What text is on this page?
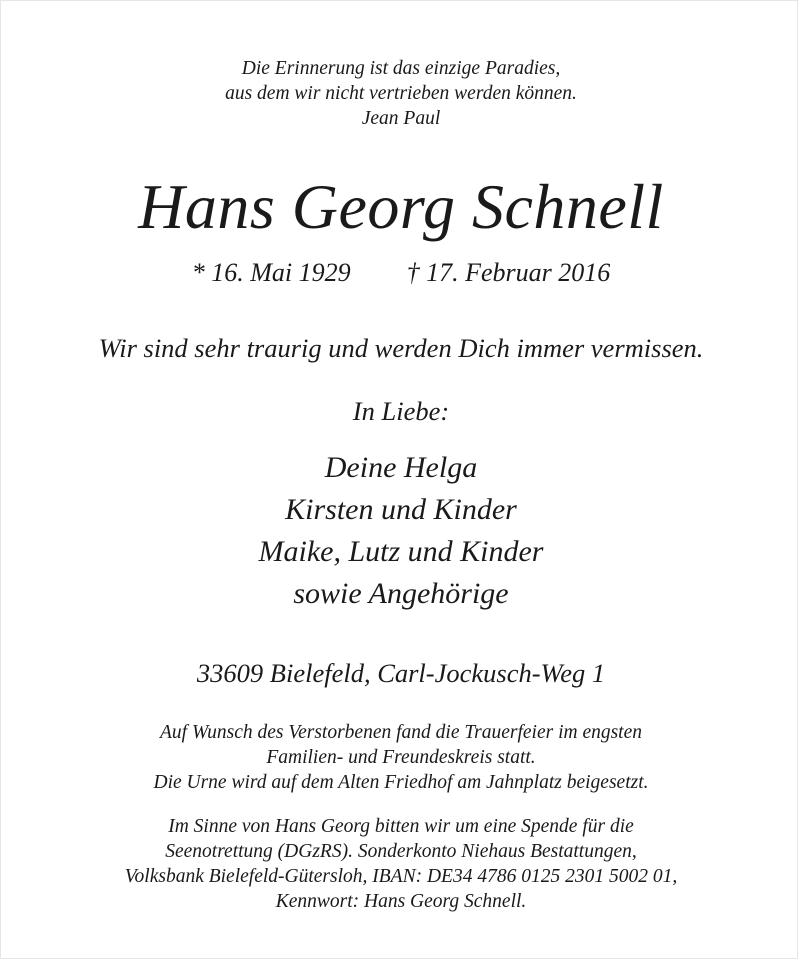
Die Erinnerung ist das einzige Paradies,
aus dem wir nicht vertrieben werden können.
Jean Paul
Hans Georg Schnell
* 16. Mai 1929 † 17. Februar 2016
Wir sind sehr traurig und werden Dich immer vermissen.
In Liebe:
Deine Helga
Kirsten und Kinder
Maike, Lutz und Kinder
sowie Angehörige
33609 Bielefeld, Carl-Jockusch-Weg 1
Auf Wunsch des Verstorbenen fand die Trauerfeier im engsten
Familien- und Freundeskreis statt.
Die Urne wird auf dem Alten Friedhof am Jahnplatz beigesetzt.
Im Sinne von Hans Georg bitten wir um eine Spende für die
Seenotrettung (DGzRS). Sonderkonto Niehaus Bestattungen,
Volksbank Bielefeld-Gütersloh, IBAN: DE34 4786 0125 2301 5002 01,
Kennwort: Hans Georg Schnell.
